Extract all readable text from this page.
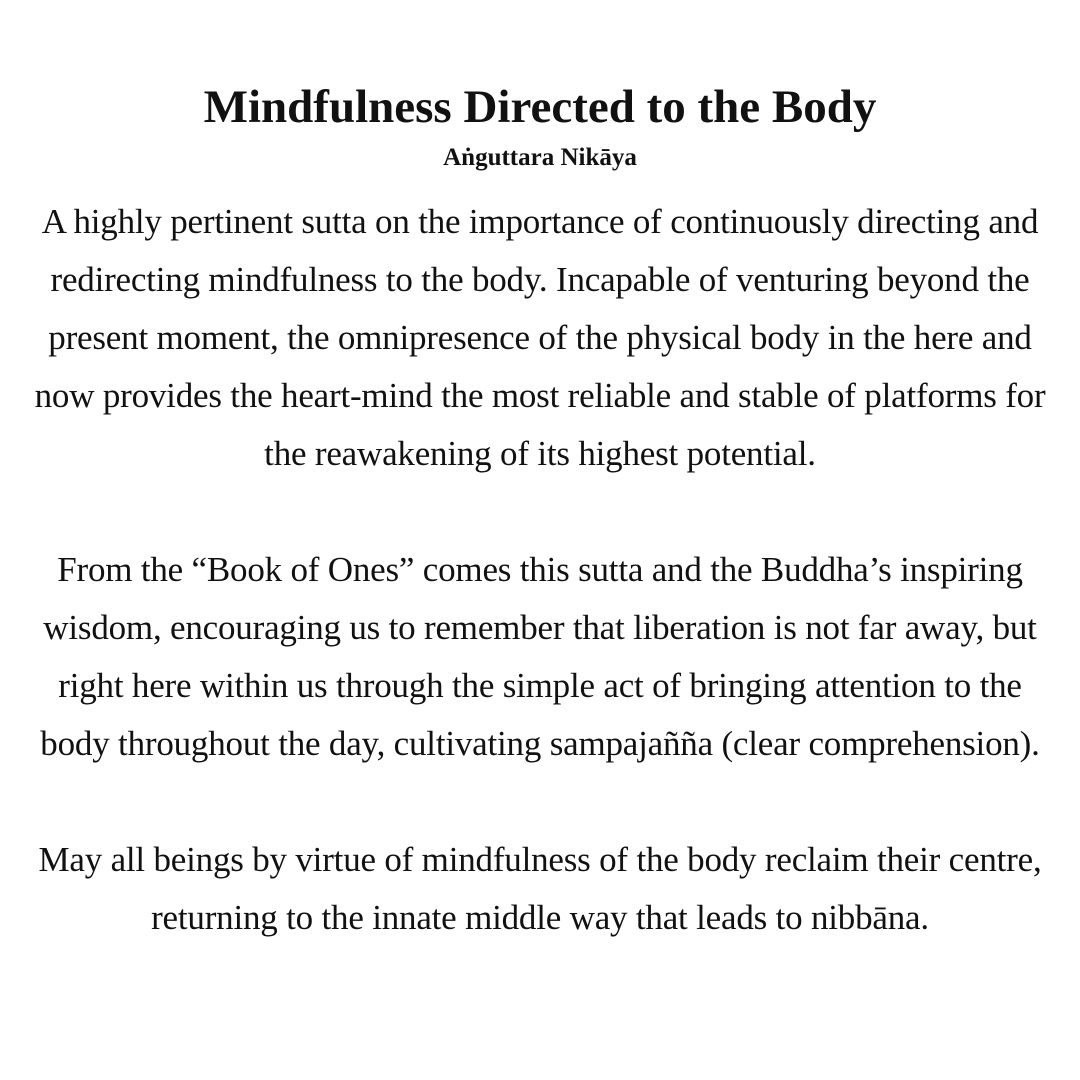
Mindfulness Directed to the Body
Aṅguttara Nikāya

A highly pertinent sutta on the importance of continuously directing and redirecting mindfulness to the body. Incapable of venturing beyond the present moment, the omnipresence of the physical body in the here and now provides the heart-mind the most reliable and stable of platforms for the reawakening of its highest potential.

From the “Book of Ones” comes this sutta and the Buddha’s inspiring wisdom, encouraging us to remember that liberation is not far away, but right here within us through the simple act of bringing attention to the body throughout the day, cultivating sampajañña (clear comprehension).

May all beings by virtue of mindfulness of the body reclaim their centre, returning to the innate middle way that leads to nibbāna.
